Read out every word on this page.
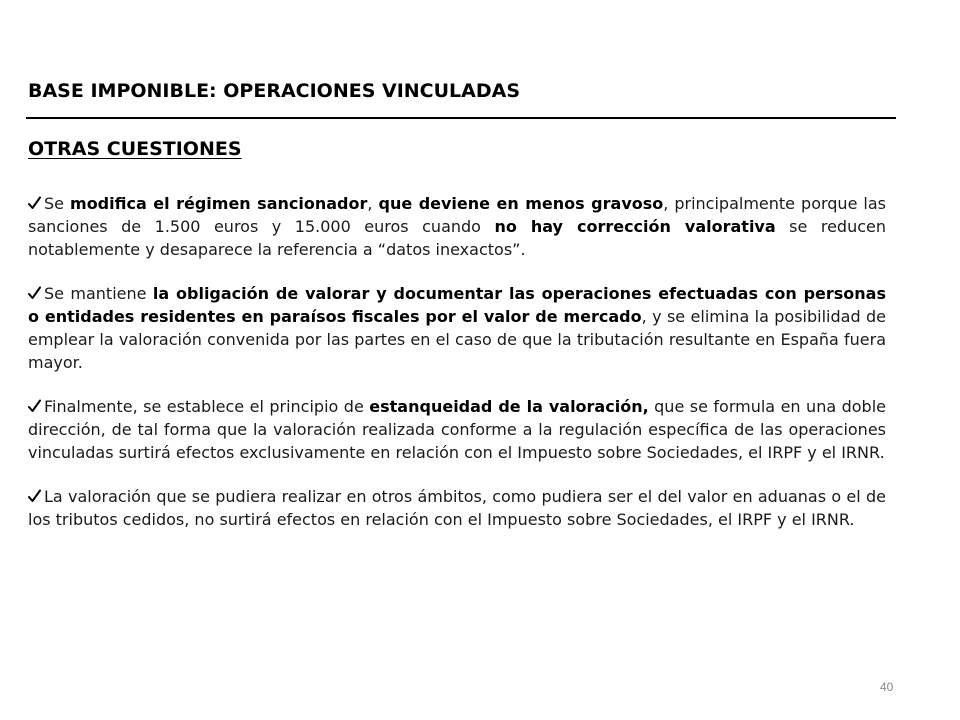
BASE IMPONIBLE: OPERACIONES VINCULADAS
OTRAS CUESTIONES

Se modifica el régimen sancionador, que deviene en menos gravoso, principalmente porque las sanciones de 1.500 euros y 15.000 euros cuando no hay corrección valorativa se reducen notablemente y desaparece la referencia a “datos inexactos”.

Se mantiene la obligación de valorar y documentar las operaciones efectuadas con personas o entidades residentes en paraísos fiscales por el valor de mercado, y se elimina la posibilidad de emplear la valoración convenida por las partes en el caso de que la tributación resultante en España fuera mayor.

Finalmente, se establece el principio de estanqueidad de la valoración, que se formula en una doble dirección, de tal forma que la valoración realizada conforme a la regulación específica de las operaciones vinculadas surtirá efectos exclusivamente en relación con el Impuesto sobre Sociedades, el IRPF y el IRNR.

La valoración que se pudiera realizar en otros ámbitos, como pudiera ser el del valor en aduanas o el de los tributos cedidos, no surtirá efectos en relación con el Impuesto sobre Sociedades, el IRPF y el IRNR.

40
